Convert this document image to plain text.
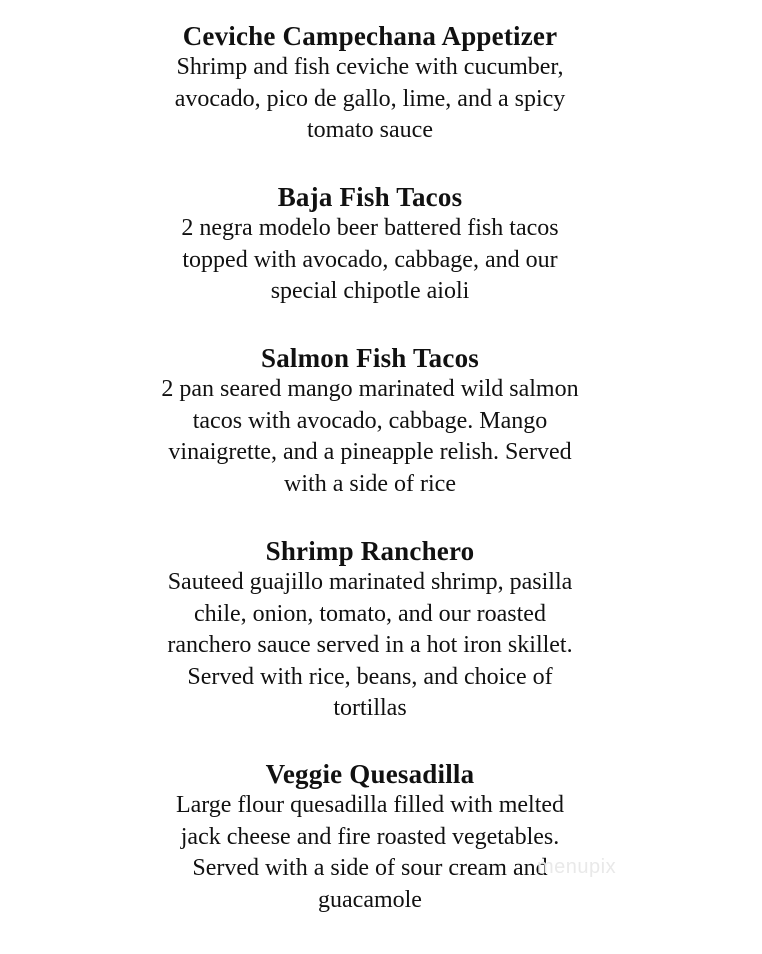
Ceviche Campechana Appetizer

Shrimp and fish ceviche with cucumber,
avocado, pico de gallo, lime, and a spicy
tomato sauce

Baja Fish Tacos

2 negra modelo beer battered fish tacos
topped with avocado, cabbage, and our
special chipotle aioli

Salmon Fish Tacos

2 pan seared mango marinated wild salmon
tacos with avocado, cabbage. Mango
vinaigrette, and a pineapple relish. Served
with a side of rice

Shrimp Ranchero

Sauteed guajillo marinated shrimp, pasilla
chile, onion, tomato, and our roasted
ranchero sauce served in a hot iron skillet.
Served with rice, beans, and choice of
tortillas

Veggie Quesadilla

Large flour quesadilla filled with melted
jack cheese and fire roasted vegetables.
Served with a side of sour cream and
guacamole

menupix
